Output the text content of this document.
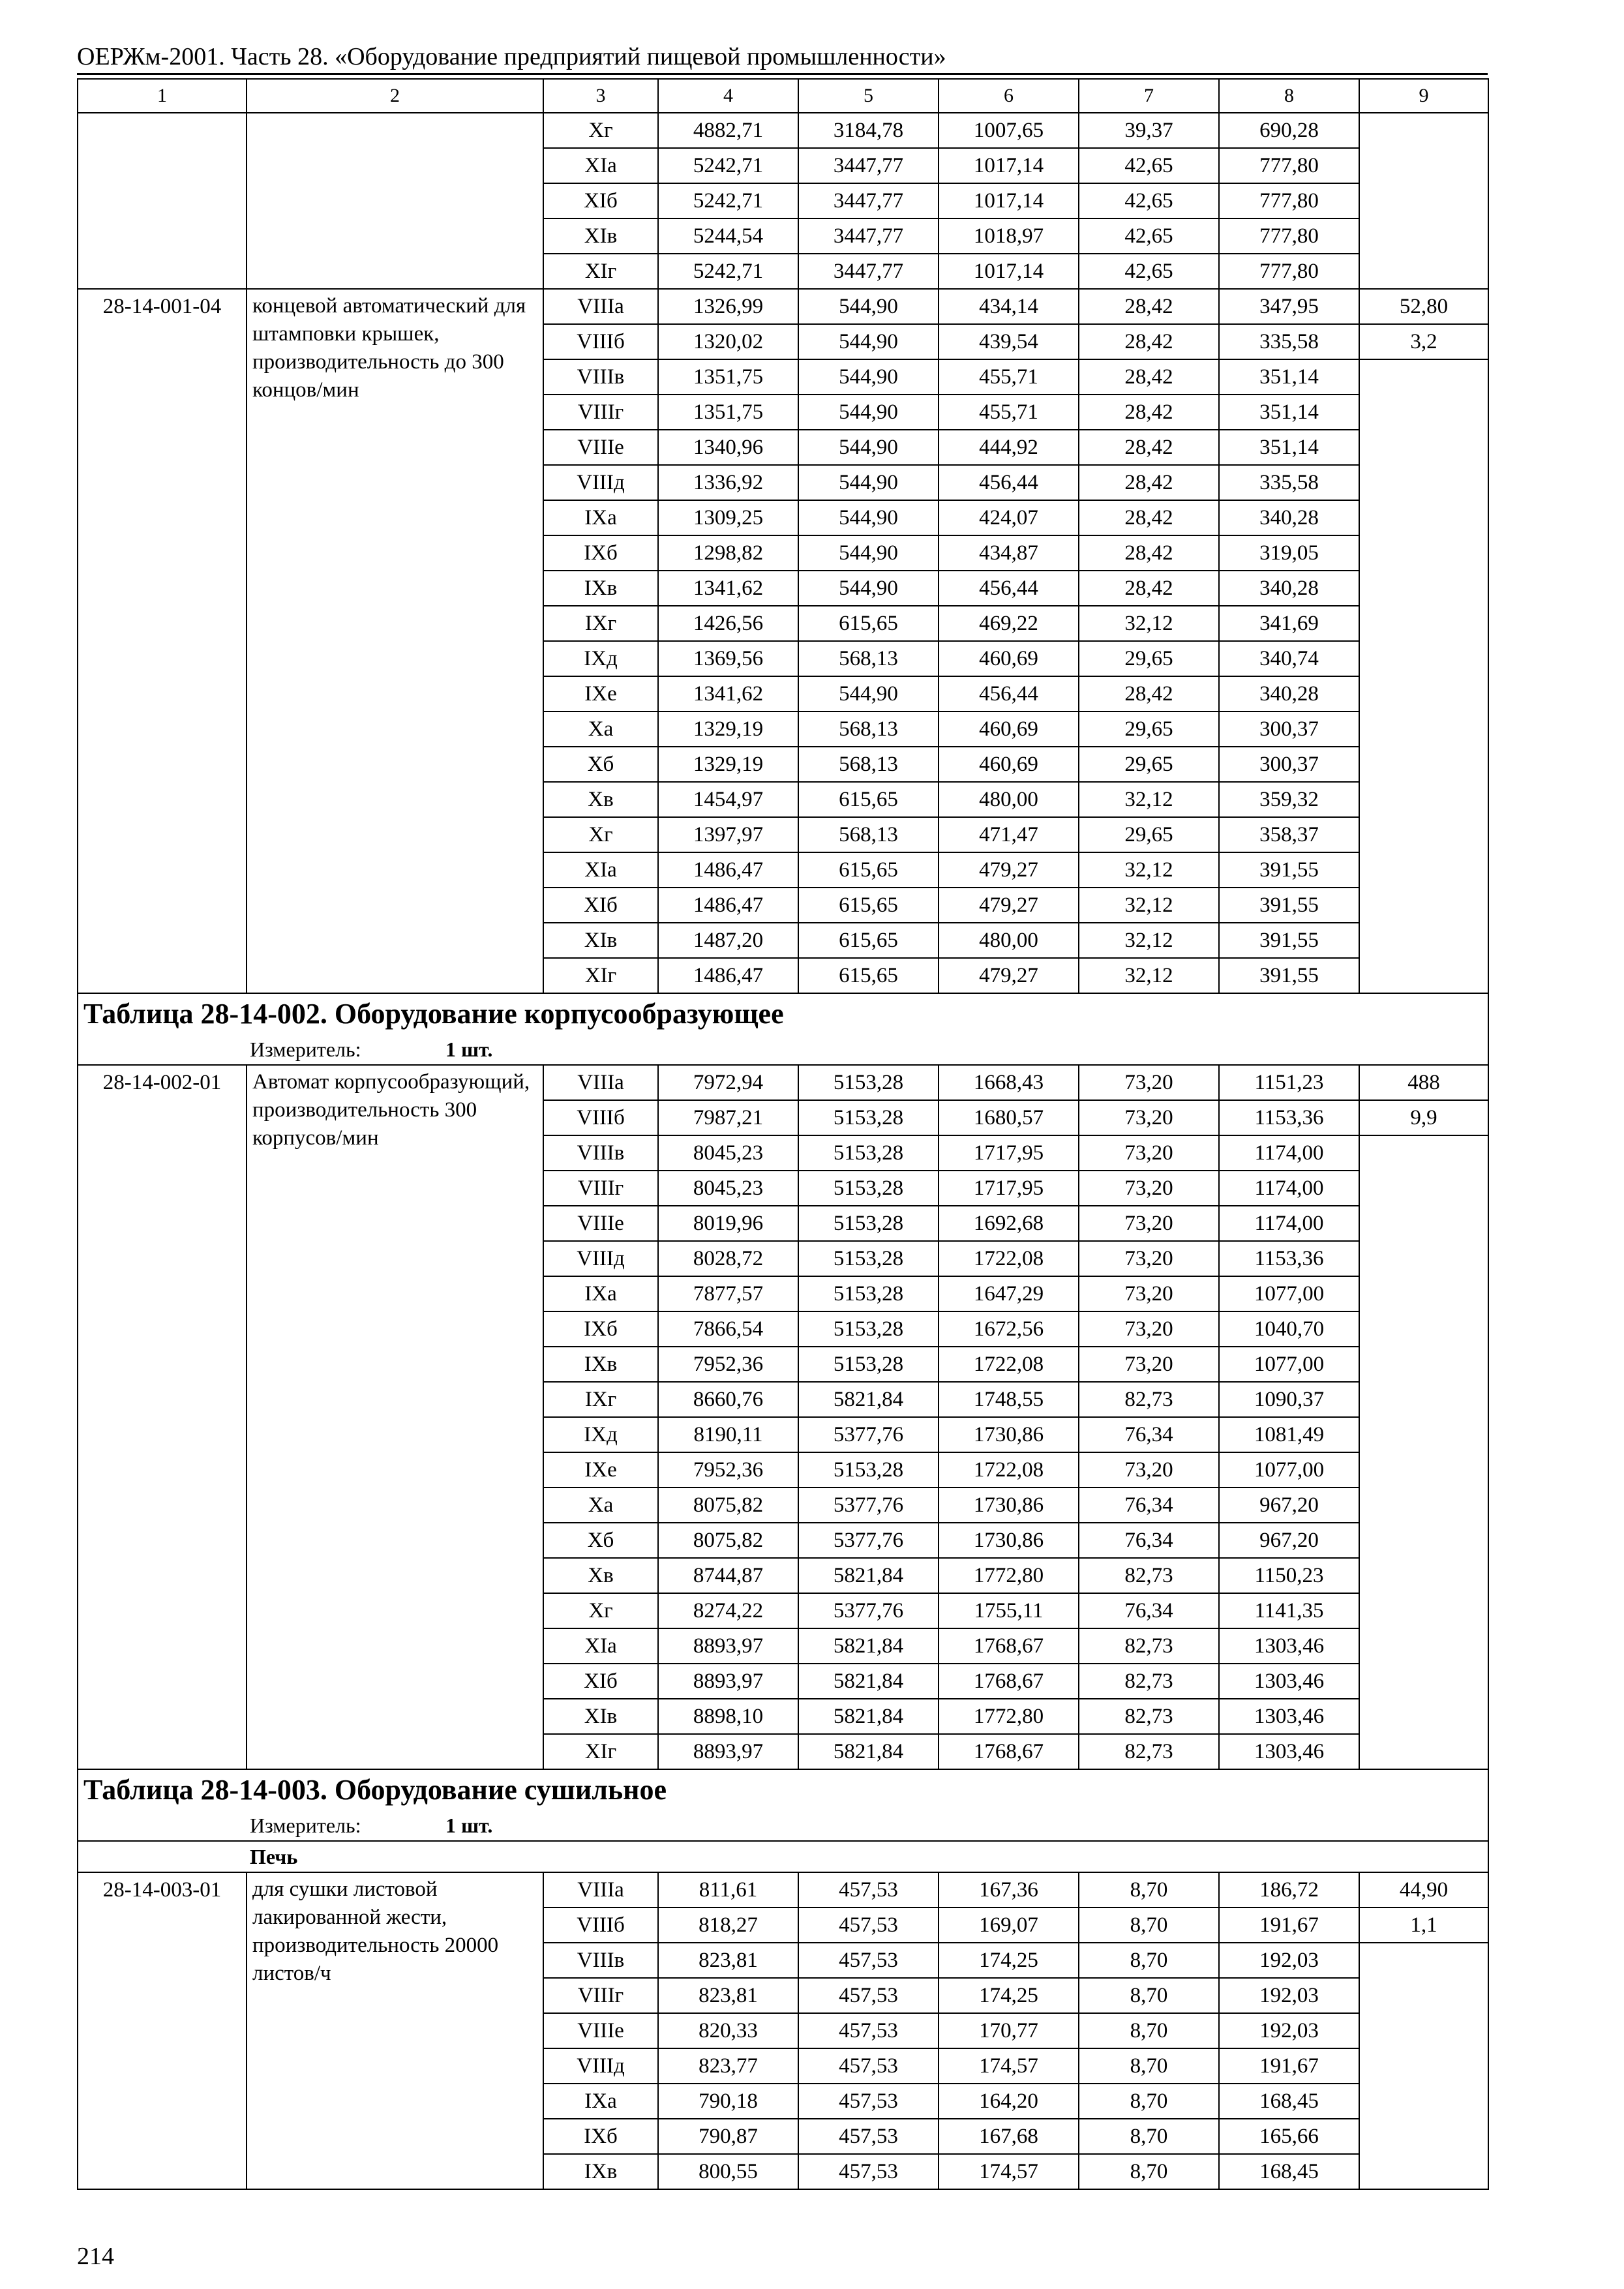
ОЕРЖм-2001. Часть 28. «Оборудование предприятий пищевой промышленности»
1	2	3	4	5	6	7	8	9
		Хг	4882,71	3184,78	1007,65	39,37	690,28	
		XIа	5242,71	3447,77	1017,14	42,65	777,80	
		XIб	5242,71	3447,77	1017,14	42,65	777,80	
		XIв	5244,54	3447,77	1018,97	42,65	777,80	
		XIг	5242,71	3447,77	1017,14	42,65	777,80	
28-14-001-04	концевой автоматический для штамповки крышек, производительность до 300 концов/мин	VIIIа	1326,99	544,90	434,14	28,42	347,95	52,80
		VIIIб	1320,02	544,90	439,54	28,42	335,58	3,2
		VIIIв	1351,75	544,90	455,71	28,42	351,14	
		VIIIг	1351,75	544,90	455,71	28,42	351,14	
		VIIIе	1340,96	544,90	444,92	28,42	351,14	
		VIIIд	1336,92	544,90	456,44	28,42	335,58	
		IXа	1309,25	544,90	424,07	28,42	340,28	
		IXб	1298,82	544,90	434,87	28,42	319,05	
		IXв	1341,62	544,90	456,44	28,42	340,28	
		IXг	1426,56	615,65	469,22	32,12	341,69	
		IXд	1369,56	568,13	460,69	29,65	340,74	
		IXе	1341,62	544,90	456,44	28,42	340,28	
		Ха	1329,19	568,13	460,69	29,65	300,37	
		Хб	1329,19	568,13	460,69	29,65	300,37	
		Хв	1454,97	615,65	480,00	32,12	359,32	
		Хг	1397,97	568,13	471,47	29,65	358,37	
		XIа	1486,47	615,65	479,27	32,12	391,55	
		XIб	1486,47	615,65	479,27	32,12	391,55	
		XIв	1487,20	615,65	480,00	32,12	391,55	
		XIг	1486,47	615,65	479,27	32,12	391,55	
Таблица 28-14-002. Оборудование корпусообразующее								
Измеритель: 1 шт.								
28-14-002-01	Автомат корпусообразующий, производительность 300 корпусов/мин	VIIIа	7972,94	5153,28	1668,43	73,20	1151,23	488
		VIIIб	7987,21	5153,28	1680,57	73,20	1153,36	9,9
		VIIIв	8045,23	5153,28	1717,95	73,20	1174,00	
		VIIIг	8045,23	5153,28	1717,95	73,20	1174,00	
		VIIIе	8019,96	5153,28	1692,68	73,20	1174,00	
		VIIIд	8028,72	5153,28	1722,08	73,20	1153,36	
		IXа	7877,57	5153,28	1647,29	73,20	1077,00	
		IXб	7866,54	5153,28	1672,56	73,20	1040,70	
		IXв	7952,36	5153,28	1722,08	73,20	1077,00	
		IXг	8660,76	5821,84	1748,55	82,73	1090,37	
		IXд	8190,11	5377,76	1730,86	76,34	1081,49	
		IXе	7952,36	5153,28	1722,08	73,20	1077,00	
		Ха	8075,82	5377,76	1730,86	76,34	967,20	
		Хб	8075,82	5377,76	1730,86	76,34	967,20	
		Хв	8744,87	5821,84	1772,80	82,73	1150,23	
		Хг	8274,22	5377,76	1755,11	76,34	1141,35	
		XIа	8893,97	5821,84	1768,67	82,73	1303,46	
		XIб	8893,97	5821,84	1768,67	82,73	1303,46	
		XIв	8898,10	5821,84	1772,80	82,73	1303,46	
		XIг	8893,97	5821,84	1768,67	82,73	1303,46	
Таблица 28-14-003. Оборудование сушильное								
Измеритель: 1 шт.								
Печь								
28-14-003-01	для сушки листовой лакированной жести, производительность 20000 листов/ч	VIIIа	811,61	457,53	167,36	8,70	186,72	44,90
		VIIIб	818,27	457,53	169,07	8,70	191,67	1,1
		VIIIв	823,81	457,53	174,25	8,70	192,03	
		VIIIг	823,81	457,53	174,25	8,70	192,03	
		VIIIе	820,33	457,53	170,77	8,70	192,03	
		VIIIд	823,77	457,53	174,57	8,70	191,67	
		IXа	790,18	457,53	164,20	8,70	168,45	
		IXб	790,87	457,53	167,68	8,70	165,66	
		IXв	800,55	457,53	174,57	8,70	168,45	
214
